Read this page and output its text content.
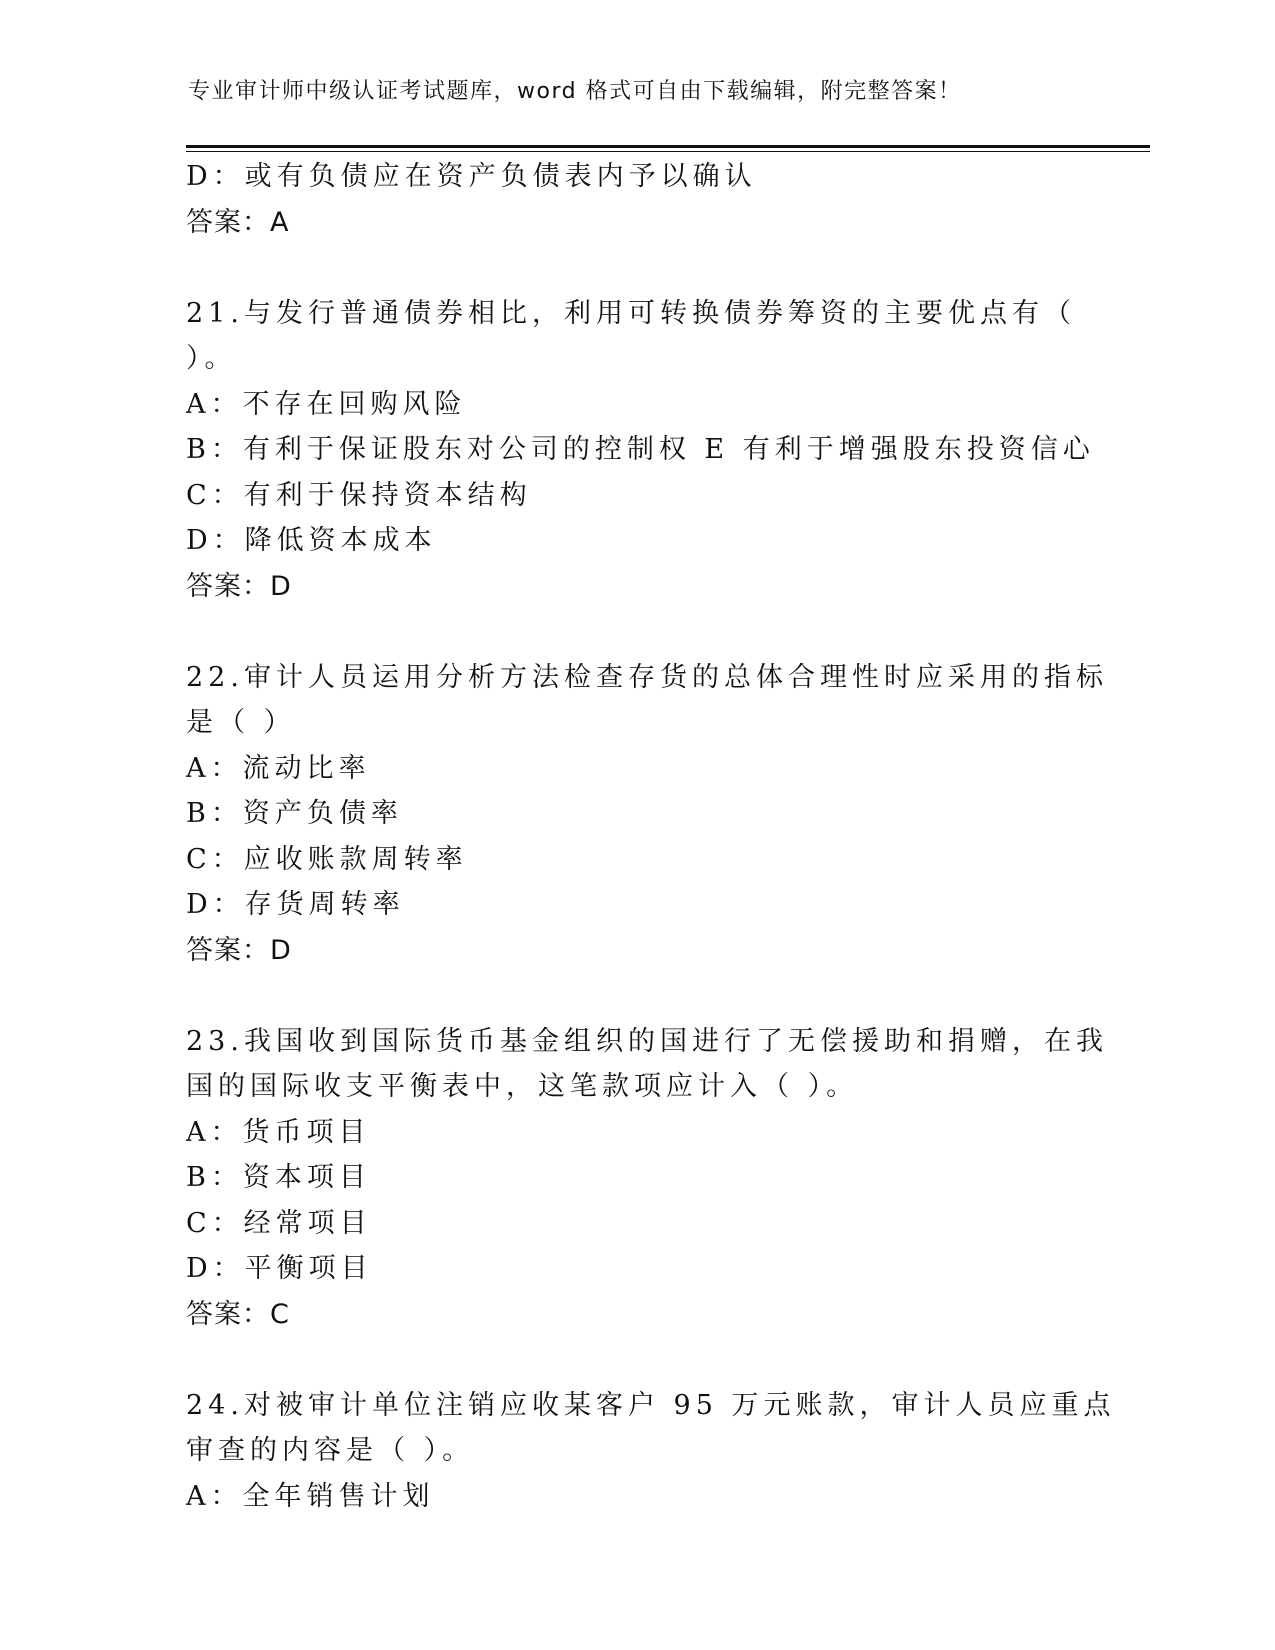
专业审计师中级认证考试题库，word 格式可自由下载编辑，附完整答案！
D：或有负债应在资产负债表内予以确认
答案：A
21.与发行普通债券相比，利用可转换债券筹资的主要优点有（ ）。
A：不存在回购风险
B：有利于保证股东对公司的控制权 E 有利于增强股东投资信心
C：有利于保持资本结构
D：降低资本成本
答案：D
22.审计人员运用分析方法检查存货的总体合理性时应采用的指标是（ ）
A：流动比率
B：资产负债率
C：应收账款周转率
D：存货周转率
答案：D
23.我国收到国际货币基金组织的国进行了无偿援助和捐赠，在我国的国际收支平衡表中，这笔款项应计入（ ）。
A：货币项目
B：资本项目
C：经常项目
D：平衡项目
答案：C
24.对被审计单位注销应收某客户 95 万元账款，审计人员应重点审查的内容是（ ）。
A：全年销售计划
